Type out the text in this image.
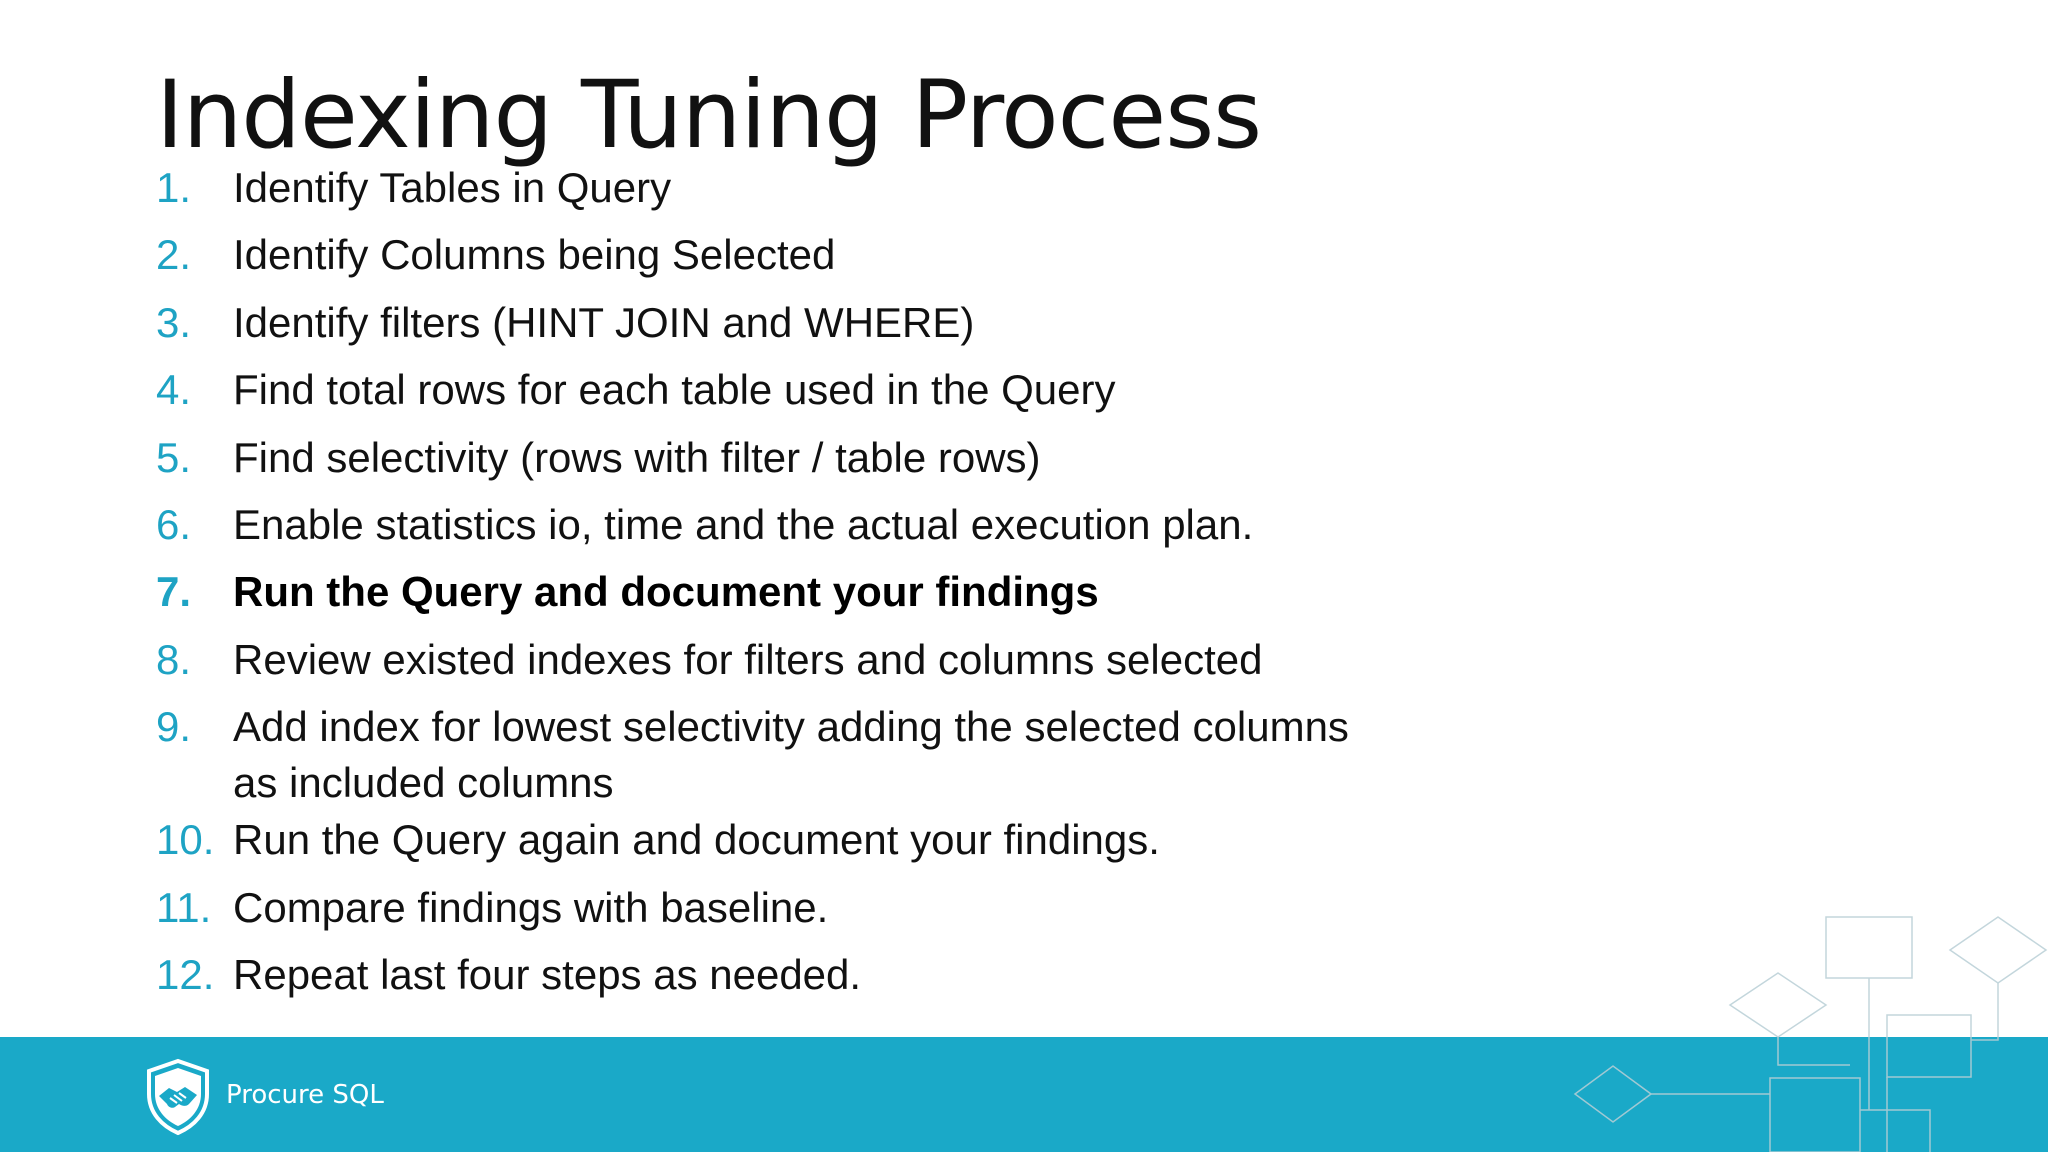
Indexing Tuning Process
1. Identify Tables in Query
2. Identify Columns being Selected
3. Identify filters (HINT JOIN and WHERE)
4. Find total rows for each table used in the Query
5. Find selectivity (rows with filter / table rows)
6. Enable statistics io, time and the actual execution plan.
7. Run the Query and document your findings
8. Review existed indexes for filters and columns selected
9. Add index for lowest selectivity adding the selected columns
as included columns
10. Run the Query again and document your findings.
11. Compare findings with baseline.
12. Repeat last four steps as needed.
Procure SQL
